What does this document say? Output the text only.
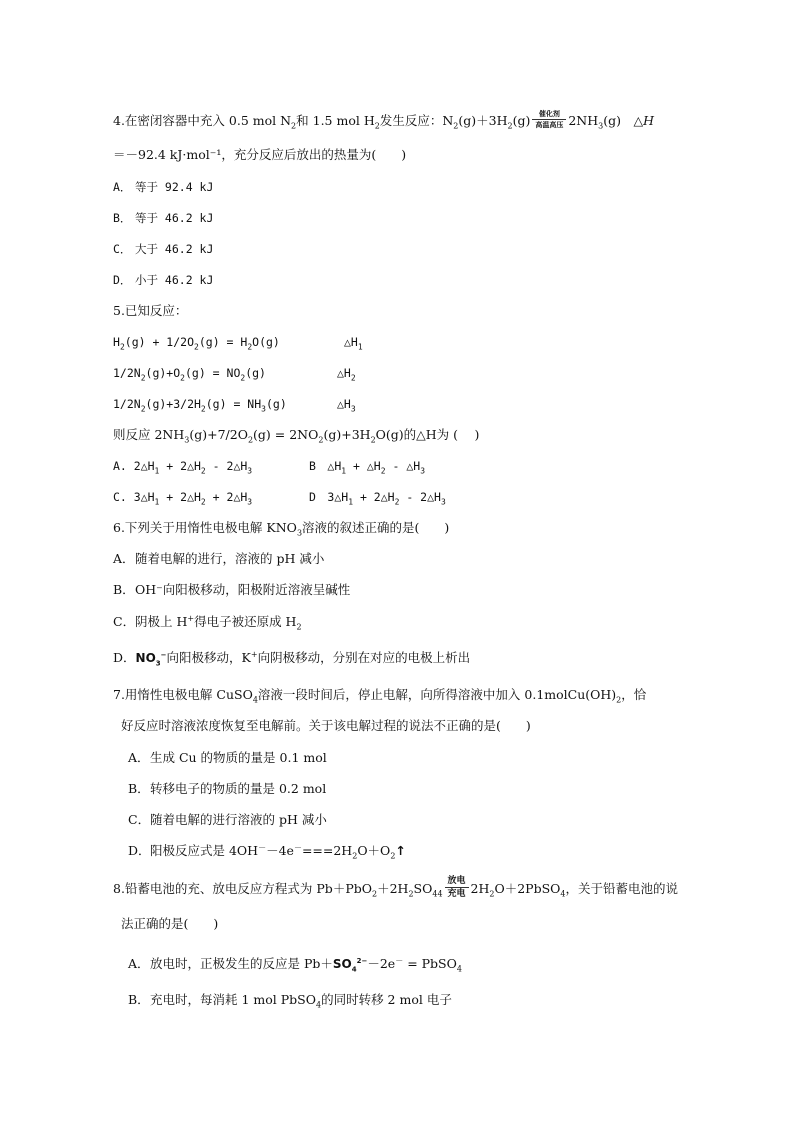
4.在密闭容器中充入 0.5 mol $N_2$和 1.5 mol $H_2$发生反应：$N_2(g)+3H_2(g)$ 催化剂
高温高压 $2NH_3(g)$　△H
＝－92.4 kJ·mol⁻¹，充分反应后放出的热量为(　　)
A． 等于 92.4 kJ
B． 等于 46.2 kJ
C． 大于 46.2 kJ
D． 小于 46.2 kJ
5.已知反应：
$H_2(g) + 1/2O_2(g) = H_2O(g)$	$\triangle H_1$
$1/2N_2(g)+O_2(g) = NO_2(g)$	$\triangle H_2$
$1/2N_2(g)+3/2H_2(g) = NH_3(g)$	$\triangle H_3$
则反应 $2NH_3(g)+7/2O_2(g) = 2NO_2(g)+3H_2O(g)$的△H为 (　 )
A. $2\triangle H_1$ + $2\triangle H_2$ - $2\triangle H_3$	B　$\triangle H_1$ + $\triangle H_2$ - $\triangle H_3$
C. $3\triangle H_1$ + $2\triangle H_2$ + $2\triangle H_3$	D　$3\triangle H_1$ + $2\triangle H_2$ - $2\triangle H_3$
6.下列关于用惰性电极电解 $KNO_3$溶液的叙述正确的是(　　)
A．随着电解的进行，溶液的 pH 减小
B．OH⁻向阳极移动，阳极附近溶液呈碱性
C．阴极上 H+得电子被还原成 $H_2$
D．$NO_3^-$向阳极移动，K+向阴极移动，分别在对应的电极上析出
7.用惰性电极电解 CuSO$_4$溶液一段时间后，停止电解，向所得溶液中加入 $0.1molCu(OH)_2$，恰
好反应时溶液浓度恢复至电解前。关于该电解过程的说法不正确的是(　　)
A．生成 Cu 的物质的量是 0.1 mol
B．转移电子的物质的量是 0.2 mol
C．随着电解的进行溶液的 pH 减小
D．阳极反应式是 $4OH^--4e^-===2H_2O+O_2↑$
8.铅蓄电池的充、放电反应方程式为 $Pb+PbO_2+2H_2SO_{44}$
放电
充电 $2H_2O+2PbSO_4$，关于铅蓄电池的说
法正确的是(　　)
A．放电时，正极发生的反应是 $Pb+SO_4^{2-}-2e^-$ = PbSO$_4$
B．充电时，每消耗 1 mol PbSO$_4$的同时转移 2 mol 电子
